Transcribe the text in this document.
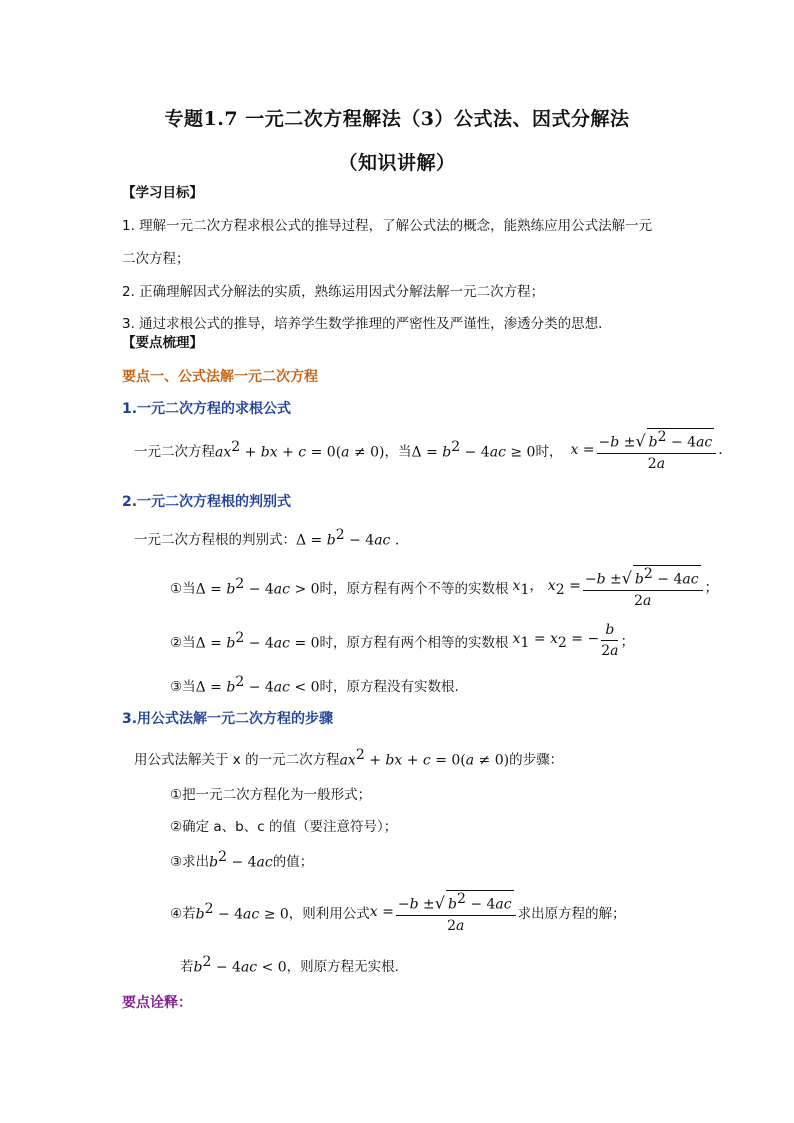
专题1.7 一元二次方程解法（3）公式法、因式分解法
（知识讲解）
【学习目标】
1. 理解一元二次方程求根公式的推导过程，了解公式法的概念，能熟练应用公式法解一元
二次方程；
2. 正确理解因式分解法的实质，熟练运用因式分解法解一元二次方程；
3. 通过求根公式的推导，培养学生数学推理的严密性及严谨性，渗透分类的思想．
【要点梳理】
要点一、公式法解一元二次方程
1.一元二次方程的求根公式
一元二次方程 $ax^2$ + bx + c = 0(a ≠ 0) ，当 $\Delta = b^2 - 4ac \ge 0$ 时， $x = \frac{-b \pm√ b^2 - 4ac}{2a}$ .
2.一元二次方程根的判别式
一元二次方程根的判别式： $\Delta = b^2 - 4ac$ .
①当 $\Delta = b^2 - 4ac > 0$ 时，原方程有两个不等的实数根 $x_1$， $x_2 = \frac{-b \pm√ b^2 - 4ac}{2a}$ ；
②当 $\Delta = b^2 - 4ac = 0$ 时，原方程有两个相等的实数根 $x_1 = x_2$ = − $\frac{b}{2a}$ ；
③当 $\Delta = b^2 - 4ac < 0$ 时，原方程没有实数根.
3.用公式法解一元二次方程的步骤
用公式法解关于 x 的一元二次方程 $ax^2$ + bx + c = 0(a ≠ 0) 的步骤：
①把一元二次方程化为一般形式；
②确定 a、b、c 的值（要注意符号）；
③求出 $b^2 - 4ac$ 的值；
④若 $b^2 - 4ac \ge 0$ ，则利用公式 $x = \frac{-b \pm√ b^2 - 4ac}{2a}$ 求出原方程的解；
若 $b^2 - 4ac < 0$ ，则原方程无实根.
要点诠释：
